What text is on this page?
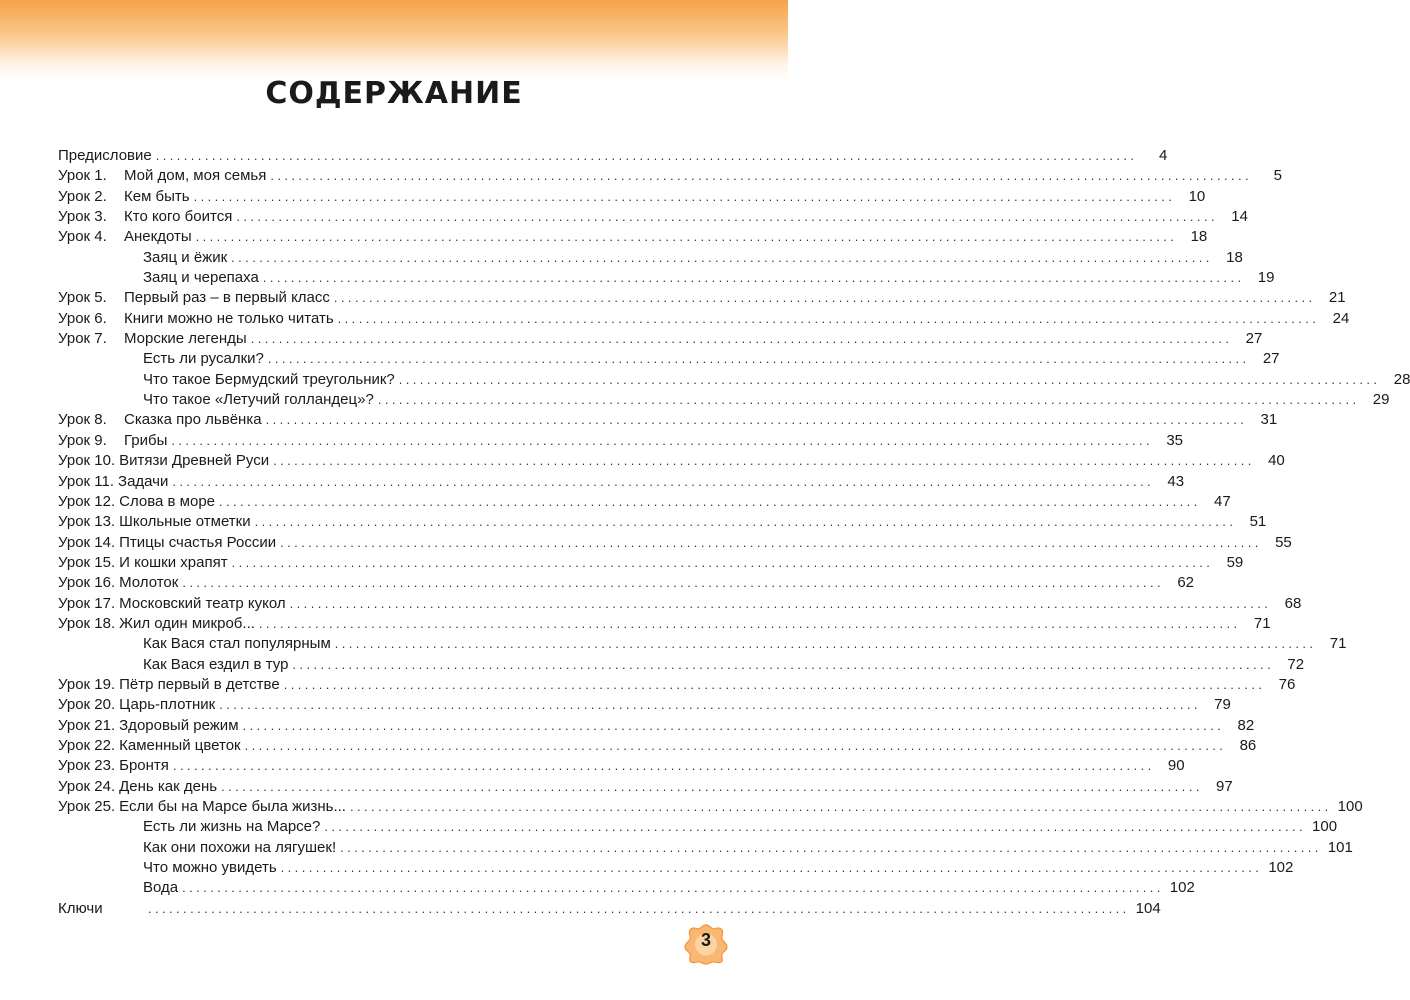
СОДЕРЖАНИЕ
Предисловие ............................................................................................................................................	4
Урок 1.	Мой дом, моя семья ............................................................................................................................................	5
Урок 2.	Кем быть ............................................................................................................................................ 10
Урок 3.	Кто кого боится ............................................................................................................................................ 14
Урок 4.	Анекдоты ............................................................................................................................................ 18
Заяц и ёжик ............................................................................................................................................ 18
Заяц и черепаха ............................................................................................................................................ 19
Урок 5.	Первый раз – в первый класс ............................................................................................................................................ 21
Урок 6.	Книги можно не только читать ............................................................................................................................................ 24
Урок 7.	Морские легенды ............................................................................................................................................ 27
Есть ли русалки? ............................................................................................................................................ 27
Что такое Бермудский треугольник? ............................................................................................................................................ 28
Что такое «Летучий голландец»? ............................................................................................................................................ 29
Урок 8.	Сказка про львёнка ............................................................................................................................................ 31
Урок 9.	Грибы ............................................................................................................................................ 35
Урок 10. Витязи Древней Руси ............................................................................................................................................ 40
Урок 11. Задачи ............................................................................................................................................ 43
Урок 12. Слова в море ............................................................................................................................................ 47
Урок 13. Школьные отметки ............................................................................................................................................ 51
Урок 14. Птицы счастья России ............................................................................................................................................ 55
Урок 15. И кошки храпят ............................................................................................................................................ 59
Урок 16. Молоток ............................................................................................................................................ 62
Урок 17. Московский театр кукол ............................................................................................................................................ 68
Урок 18. Жил один микроб... ............................................................................................................................................ 71
Как Вася стал популярным ............................................................................................................................................ 71
Как Вася ездил в тур ............................................................................................................................................ 72
Урок 19. Пётр первый в детстве ............................................................................................................................................ 76
Урок 20. Царь-плотник ............................................................................................................................................ 79
Урок 21. Здоровый режим ............................................................................................................................................ 82
Урок 22. Каменный цветок ............................................................................................................................................ 86
Урок 23. Бронтя ............................................................................................................................................ 90
Урок 24. День как день ............................................................................................................................................ 97
Урок 25. Если бы на Марсе была жизнь... ............................................................................................................................................ 100
Есть ли жизнь на Марсе? ............................................................................................................................................ 100
Как они похожи на лягушек! ............................................................................................................................................ 101
Что можно увидеть ............................................................................................................................................ 102
Вода ............................................................................................................................................ 102
Ключи	............................................................................................................................................ 104
3
